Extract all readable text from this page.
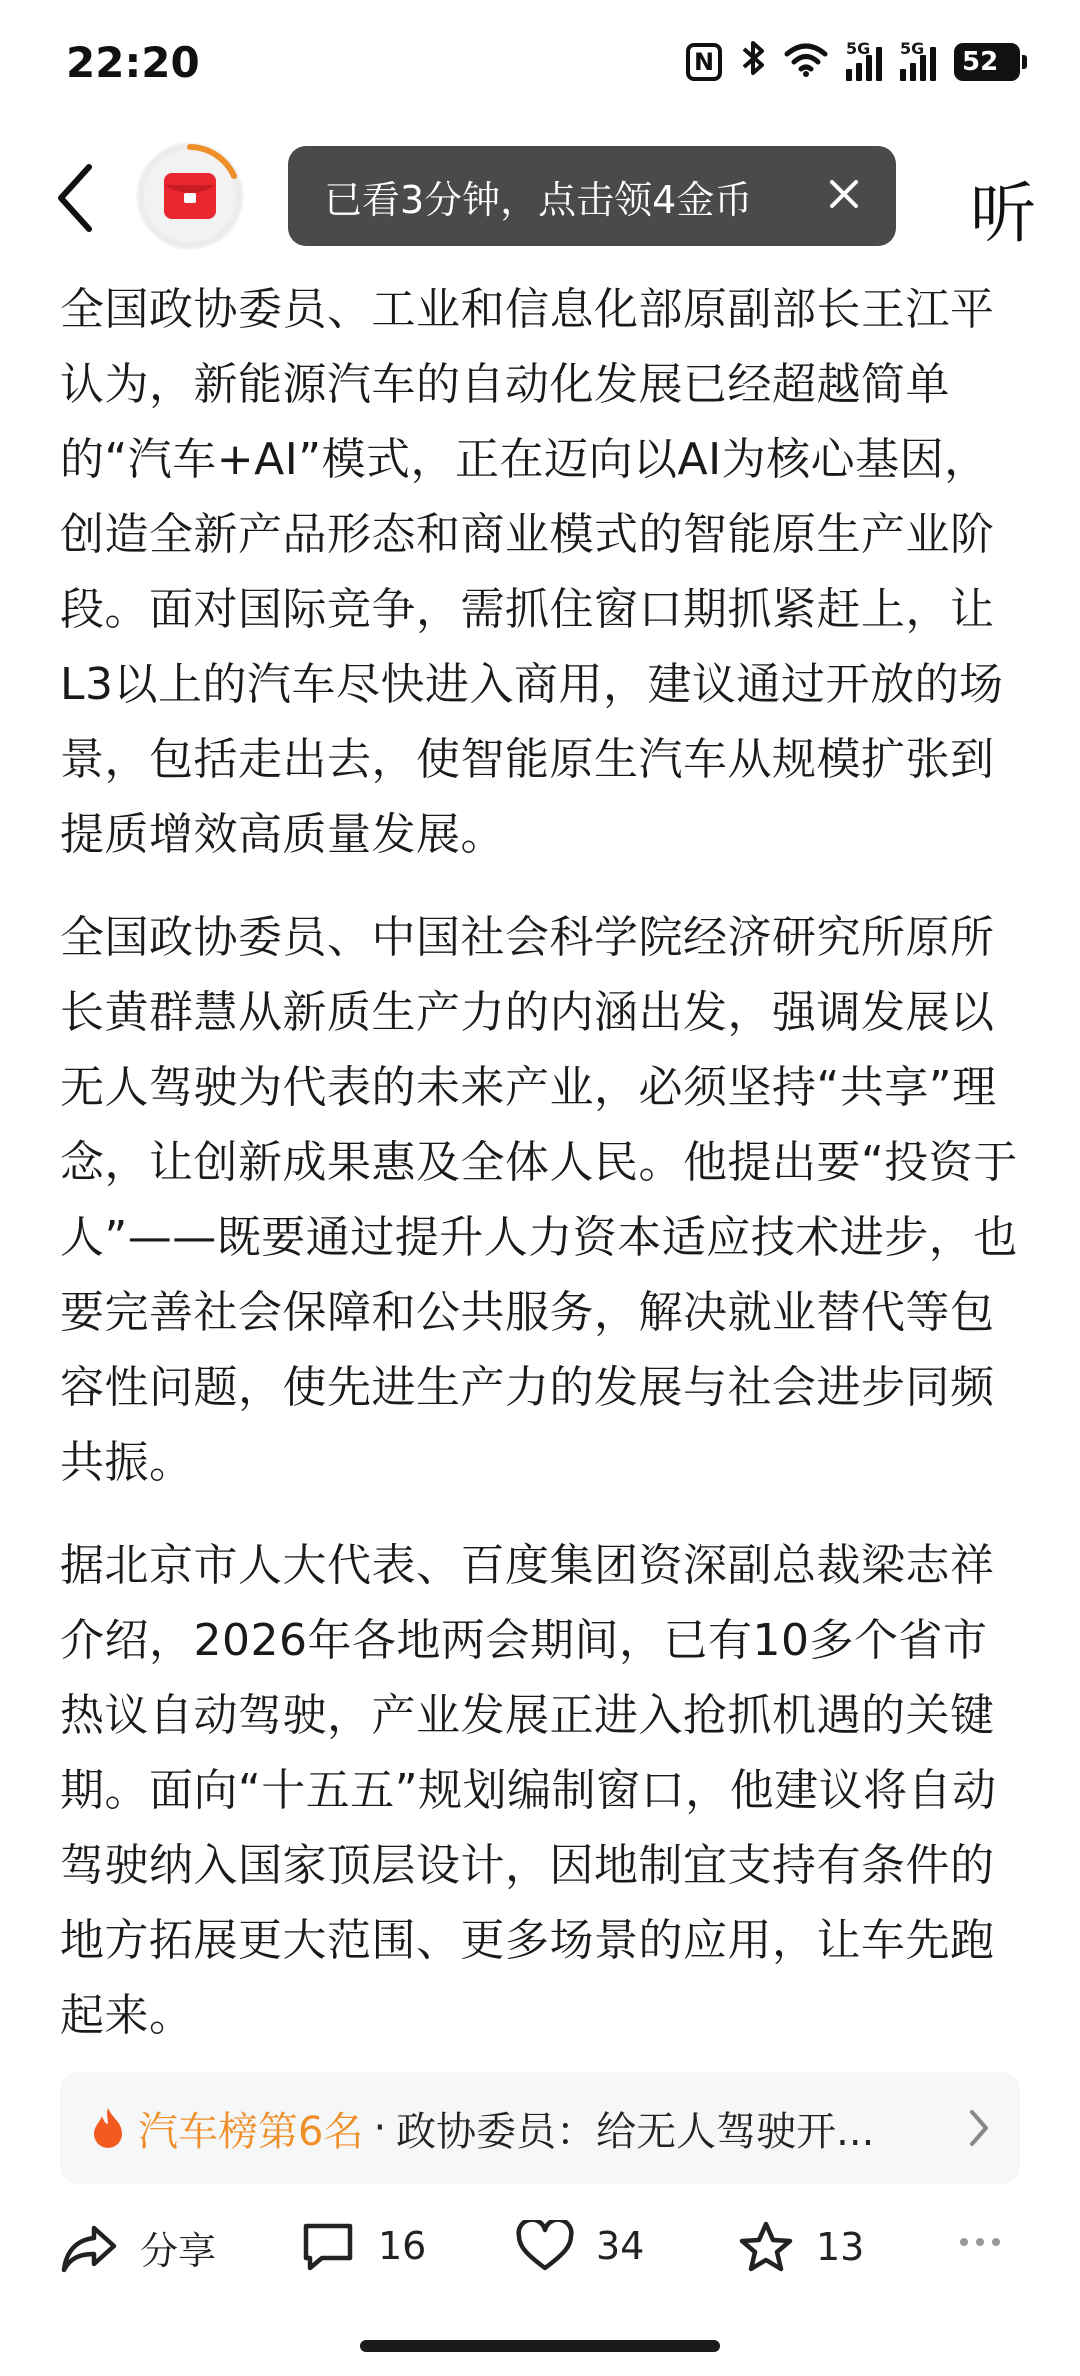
22:20	N	5G 5G 52
已看3分钟，点击领4金币	听

全国政协委员、工业和信息化部原副部长王江平认为，新能源汽车的自动化发展已经超越简单的“汽车+AI”模式，正在迈向以AI为核心基因，创造全新产品形态和商业模式的智能原生产业阶段。面对国际竞争，需抓住窗口期抓紧赶上，让L3以上的汽车尽快进入商用，建议通过开放的场景，包括走出去，使智能原生汽车从规模扩张到提质增效高质量发展。

全国政协委员、中国社会科学院经济研究所原所长黄群慧从新质生产力的内涵出发，强调发展以无人驾驶为代表的未来产业，必须坚持“共享”理念，让创新成果惠及全体人民。他提出要“投资于人”——既要通过提升人力资本适应技术进步，也要完善社会保障和公共服务，解决就业替代等包容性问题，使先进生产力的发展与社会进步同频共振。

据北京市人大代表、百度集团资深副总裁梁志祥介绍，2026年各地两会期间，已有10多个省市热议自动驾驶，产业发展正进入抢抓机遇的关键期。面向“十五五”规划编制窗口，他建议将自动驾驶纳入国家顶层设计，因地制宜支持有条件的地方拓展更大范围、更多场景的应用，让车先跑起来。

汽车榜第6名 · 政协委员：给无人驾驶开...
分享	16	34	13
